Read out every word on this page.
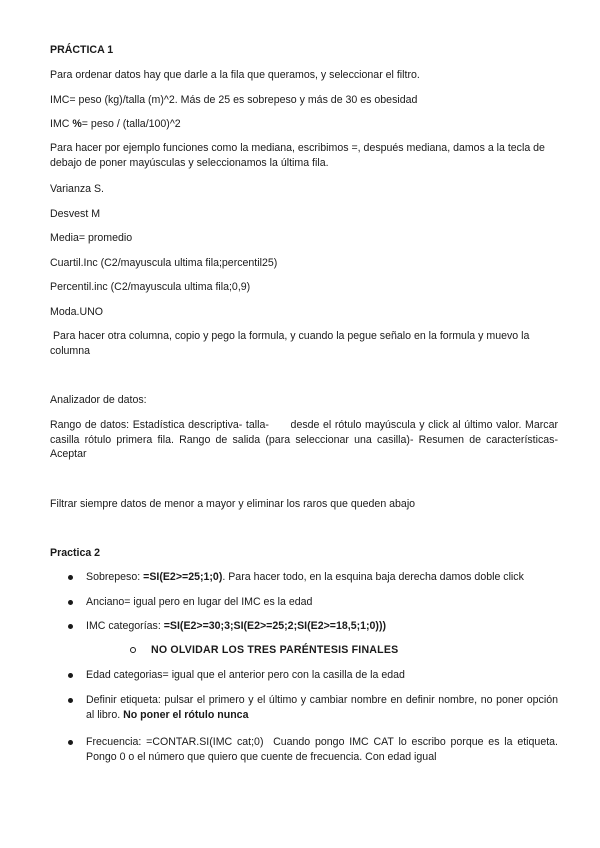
PRÁCTICA 1
Para ordenar datos hay que darle a la fila que queramos, y seleccionar el filtro.
IMC= peso (kg)/talla (m)^2. Más de 25 es sobrepeso y más de 30 es obesidad
IMC %= peso / (talla/100)^2
Para hacer por ejemplo funciones como la mediana, escribimos =, después mediana, damos a la tecla de debajo de poner mayúsculas y seleccionamos la última fila.
Varianza S.
Desvest M
Media= promedio
Cuartil.Inc (C2/mayuscula ultima fila;percentil25)
Percentil.inc (C2/mayuscula ultima fila;0,9)
Moda.UNO
Para hacer otra columna, copio y pego la formula, y cuando la pegue señalo en la formula y muevo la columna
Analizador de datos:
Rango de datos: Estadística descriptiva- talla-      desde el rótulo mayúscula y click al último valor. Marcar casilla rótulo primera fila. Rango de salida (para seleccionar una casilla)- Resumen de características- Aceptar
Filtrar siempre datos de menor a mayor y eliminar los raros que queden abajo
Practica 2
Sobrepeso: =SI(E2>=25;1;0). Para hacer todo, en la esquina baja derecha damos doble click
Anciano= igual pero en lugar del IMC es la edad
IMC categorías: =SI(E2>=30;3;SI(E2>=25;2;SI(E2>=18,5;1;0)))
NO OLVIDAR LOS TRES PARÉNTESIS FINALES
Edad categorias= igual que el anterior pero con la casilla de la edad
Definir etiqueta: pulsar el primero y el último y cambiar nombre en definir nombre, no poner opción al libro. No poner el rótulo nunca
Frecuencia: =CONTAR.SI(IMC cat;0)  Cuando pongo IMC CAT lo escribo porque es la etiqueta. Pongo 0 o el número que quiero que cuente de frecuencia. Con edad igual
